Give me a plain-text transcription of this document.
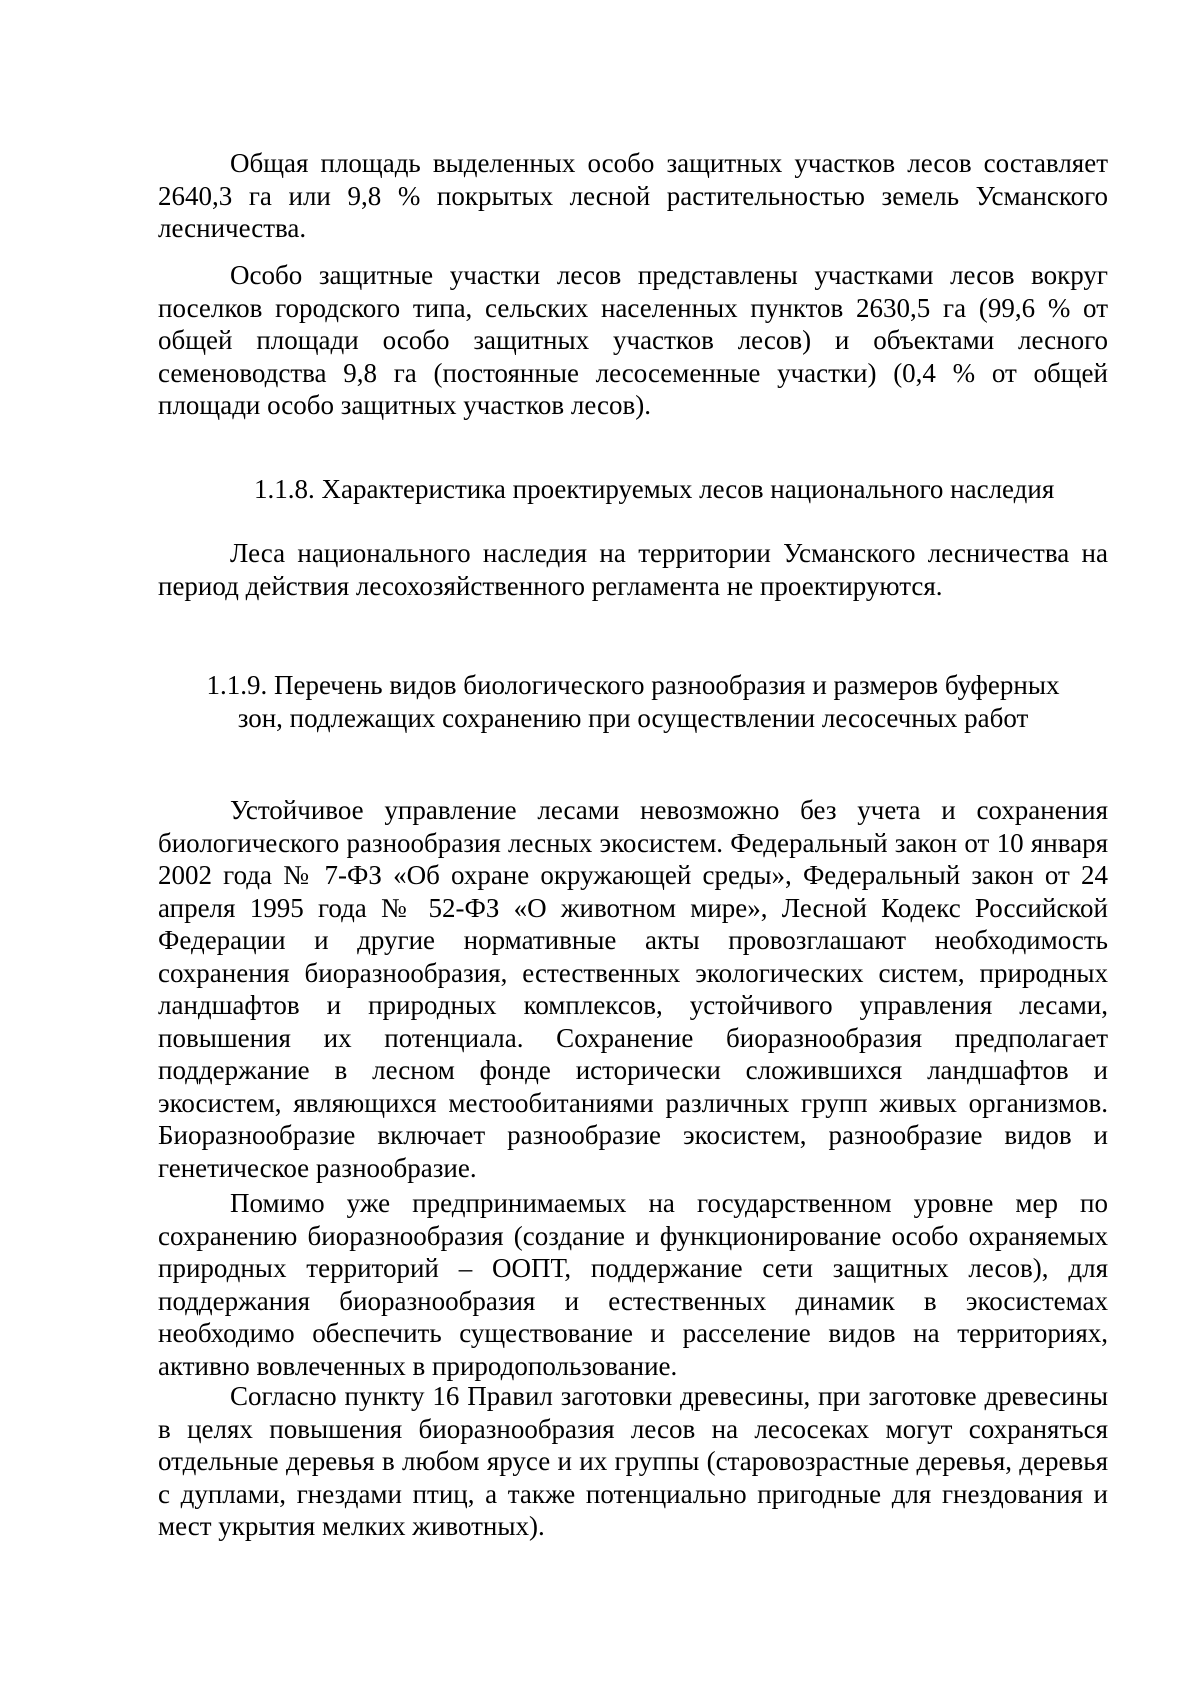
Общая площадь выделенных особо защитных участков лесов составляет 2640,3 га или 9,8 % покрытых лесной растительностью земель Усманского лесничества.

Особо защитные участки лесов представлены участками лесов вокруг поселков городского типа, сельских населенных пунктов 2630,5 га (99,6 % от общей площади особо защитных участков лесов) и объектами лесного семеноводства 9,8 га (постоянные лесосеменные участки) (0,4 % от общей площади особо защитных участков лесов).

1.1.8. Характеристика проектируемых лесов национального наследия

Леса национального наследия на территории Усманского лесничества на период действия лесохозяйственного регламента не проектируются.

1.1.9. Перечень видов биологического разнообразия и размеров буферных зон, подлежащих сохранению при осуществлении лесосечных работ

Устойчивое управление лесами невозможно без учета и сохранения биологического разнообразия лесных экосистем. Федеральный закон от 10 января 2002 года № 7-ФЗ «Об охране окружающей среды», Федеральный закон от 24 апреля 1995 года № 52-ФЗ «О животном мире», Лесной Кодекс Российской Федерации и другие нормативные акты провозглашают необходимость сохранения биоразнообразия, естественных экологических систем, природных ландшафтов и природных комплексов, устойчивого управления лесами, повышения их потенциала. Сохранение биоразнообразия предполагает поддержание в лесном фонде исторически сложившихся ландшафтов и экосистем, являющихся местообитаниями различных групп живых организмов. Биоразнообразие включает разнообразие экосистем, разнообразие видов и генетическое разнообразие.

Помимо уже предпринимаемых на государственном уровне мер по сохранению биоразнообразия (создание и функционирование особо охраняемых природных территорий – ООПТ, поддержание сети защитных лесов), для поддержания биоразнообразия и естественных динамик в экосистемах необходимо обеспечить существование и расселение видов на территориях, активно вовлеченных в природопользование.

Согласно пункту 16 Правил заготовки древесины, при заготовке древесины в целях повышения биоразнообразия лесов на лесосеках могут сохраняться отдельные деревья в любом ярусе и их группы (старовозрастные деревья, деревья с дуплами, гнездами птиц, а также потенциально пригодные для гнездования и мест укрытия мелких животных).
